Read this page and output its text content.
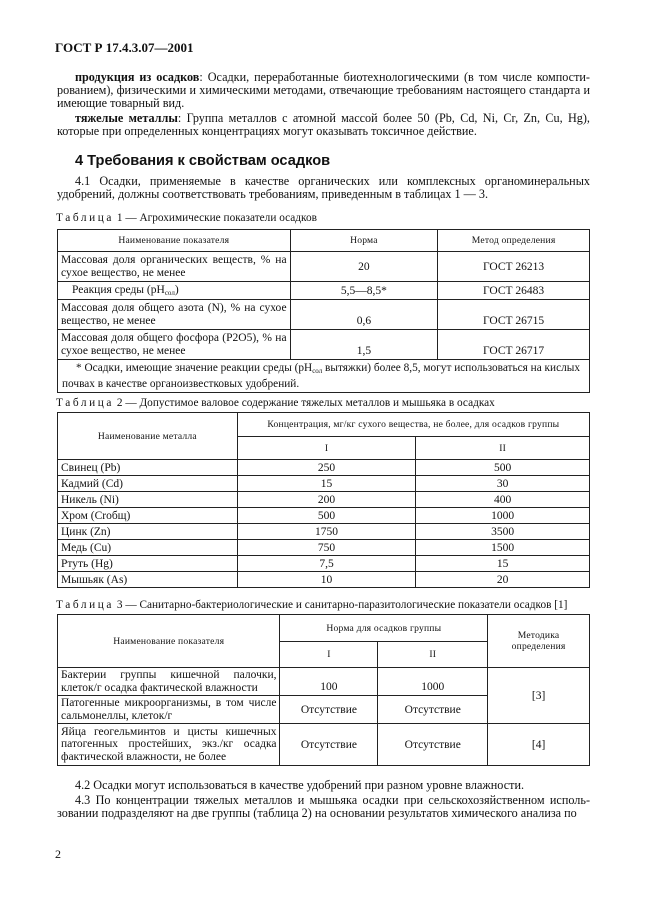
ГОСТ Р 17.4.3.07—2001
продукция из осадков: Осадки, переработанные биотехнологическими (в том числе компости-рованием), физическими и химическими методами, отвечающие требованиям настоящего стандарта и имеющие товарный вид.
тяжелые металлы: Группа металлов с атомной массой более 50 (Pb, Cd, Ni, Cr, Zn, Cu, Hg), которые при определенных концентрациях могут оказывать токсичное действие.
4 Требования к свойствам осадков
4.1 Осадки, применяемые в качестве органических или комплексных органоминеральных удобрений, должны соответствовать требованиям, приведенным в таблицах 1 — 3.
Таблица 1 — Агрохимические показатели осадков
Наименование показателя	Норма	Метод определения
Массовая доля органических веществ, % на сухое вещество, не менее	20	ГОСТ 26213
Реакция среды $(pH_{сол})$	5,5—8,5*	ГОСТ 26483
Массовая доля общего азота (N), % на сухое вещество, не менее	0,6	ГОСТ 26715
Массовая доля общего фосфора (P2O5), % на сухое вещество, не менее	1,5	ГОСТ 26717
* Осадки, имеющие значение реакции среды ($pH_{сол}$ вытяжки) более 8,5, могут использоваться на кислых почвах в качестве органоизвестковых удобрений.		
Таблица 2 — Допустимое валовое содержание тяжелых металлов и мышьяка в осадках
Наименование металла	Концентрация, мг/кг сухого вещества, не более, для осадков группы	
	I	II
Свинец (Pb)	250	500
Кадмий (Cd)	15	30
Никель (Ni)	200	400
Хром (Crобщ)	500	1000
Цинк (Zn)	1750	3500
Медь (Cu)	750	1500
Ртуть (Hg)	7,5	15
Мышьяк (As)	10	20
Таблица 3 — Санитарно-бактериологические и санитарно-паразитологические показатели осадков [1]
Наименование показателя	Норма для осадков группы		Методика определения
	I	II	
Бактерии группы кишечной палочки, клеток/г осадка фактической влажности	100	1000	[3]
Патогенные микроорганизмы, в том числе сальмонеллы, клеток/г	Отсутствие	Отсутствие	
Яйца геогельминтов и цисты кишечных патогенных простейших, экз./кг осадка фактической влажности, не более	Отсутствие	Отсутствие	[4]
4.2 Осадки могут использоваться в качестве удобрений при разном уровне влажности.
4.3 По концентрации тяжелых металлов и мышьяка осадки при сельскохозяйственном исполь-зовании подразделяют на две группы (таблица 2) на основании результатов химического анализа по
2
